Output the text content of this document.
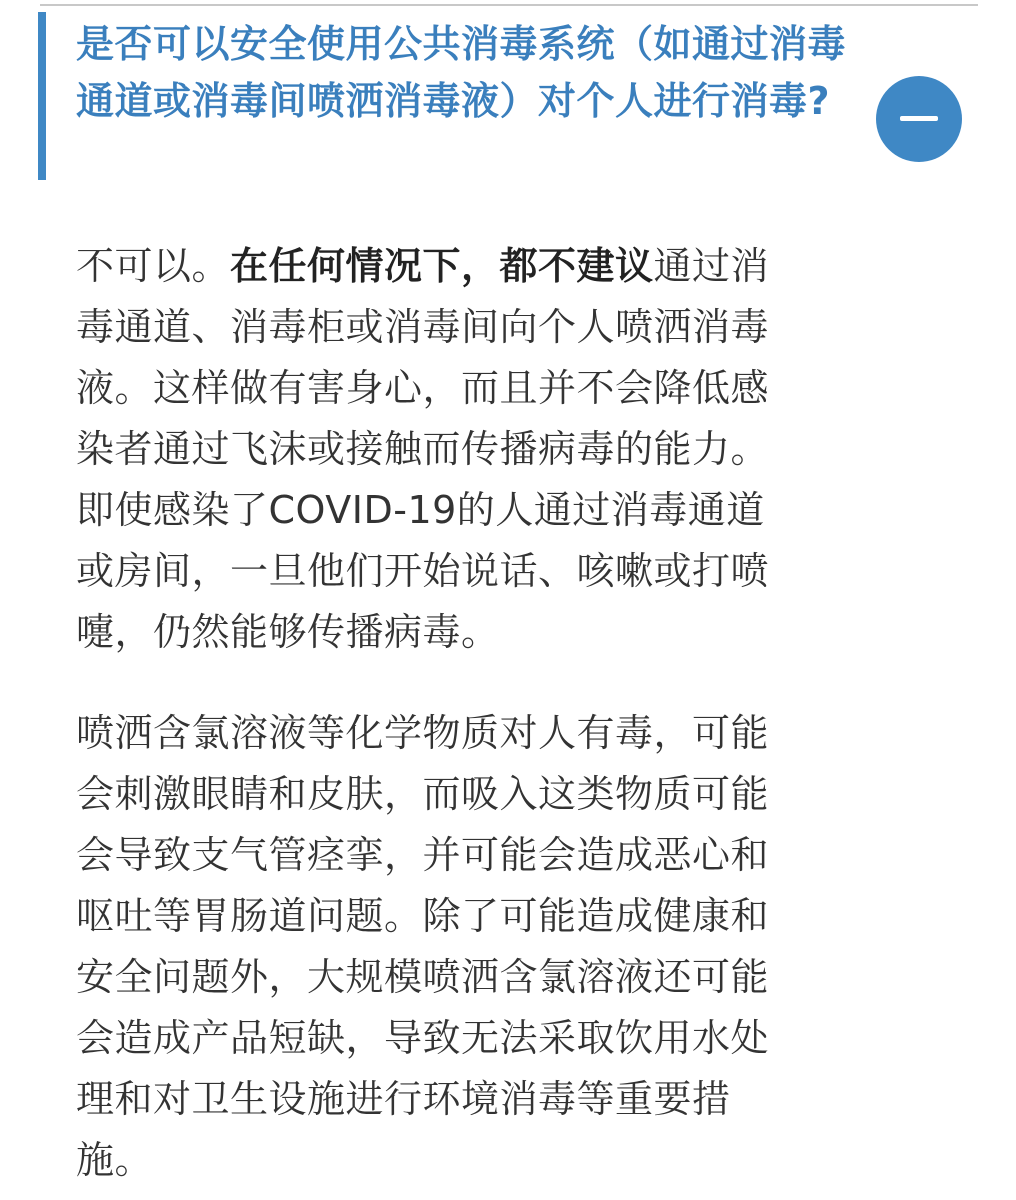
是否可以安全使用公共消毒系统（如通过消毒通道或消毒间喷洒消毒液）对个人进行消毒?

不可以。在任何情况下，都不建议通过消毒通道、消毒柜或消毒间向个人喷洒消毒液。这样做有害身心，而且并不会降低感染者通过飞沫或接触而传播病毒的能力。即使感染了COVID-19的人通过消毒通道或房间，一旦他们开始说话、咳嗽或打喷嚏，仍然能够传播病毒。

喷洒含氯溶液等化学物质对人有毒，可能会刺激眼睛和皮肤，而吸入这类物质可能会导致支气管痉挛，并可能会造成恶心和呕吐等胃肠道问题。除了可能造成健康和安全问题外，大规模喷洒含氯溶液还可能会造成产品短缺，导致无法采取饮用水处理和对卫生设施进行环境消毒等重要措施。
